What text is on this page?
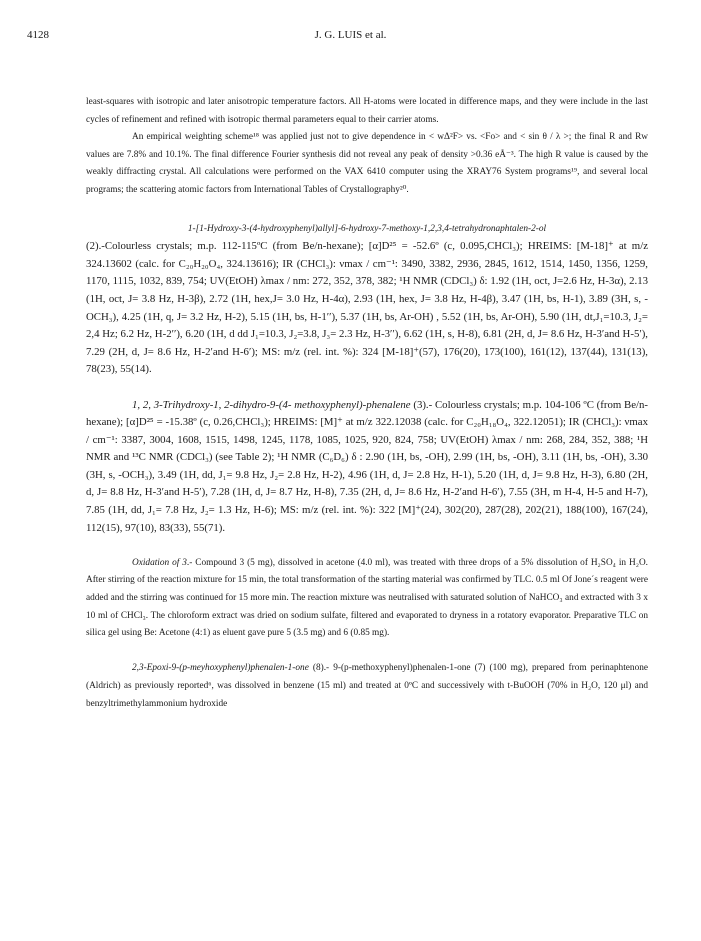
4128	J. G. LUIS et al.

least-squares with isotropic and later anisotropic temperature factors. All H-atoms were located in difference maps, and they were include in the last cycles of refinement and refined with isotropic thermal parameters equal to their carrier atoms.

An empirical weighting scheme¹⁸ was applied just not to give dependence in < wΔ²F> vs. <Fo> and < sin θ / λ >; the final R and Rw values are 7.8% and 10.1%. The final difference Fourier synthesis did not reveal any peak of density >0.36 eÅ⁻³. The high R value is caused by the weakly diffracting crystal. All calculations were performed on the VAX 6410 computer using the XRAY76 System programs¹⁹, and several local programs; the scattering atomic factors from International Tables of Crystallography²⁰.

1-[1-Hydroxy-3-(4-hydroxyphenyl)allyl]-6-hydroxy-7-methoxy-1,2,3,4-tetrahydronaphtalen-2-ol

(2).-Colourless crystals; m.p. 112-115ºC (from Be/n-hexane); [α]D²⁵ = -52.6º (c, 0.095,CHCl₃); HREIMS: [M-18]⁺ at m/z 324.13602 (calc. for C₂₀H₂₀O₄, 324.13616); IR (CHCl₃): νmax / cm⁻¹: 3490, 3382, 2936, 2845, 1612, 1514, 1450, 1356, 1259, 1170, 1115, 1032, 839, 754; UV(EtOH) λmax / nm: 272, 352, 378, 382; ¹H NMR (CDCl₃) δ: 1.92 (1H, oct, J=2.6 Hz, H-3α), 2.13 (1H, oct, J= 3.8 Hz, H-3β), 2.72 (1H, hex,J= 3.0 Hz, H-4α), 2.93 (1H, hex, J= 3.8 Hz, H-4β), 3.47 (1H, bs, H-1), 3.89 (3H, s, -OCH₃), 4.25 (1H, q, J= 3.2 Hz, H-2), 5.15 (1H, bs, H-1′′), 5.37 (1H, bs, Ar-OH) , 5.52 (1H, bs, Ar-OH), 5.90 (1H, dt,J₁=10.3, J₂= 2,4 Hz; 6.2 Hz, H-2′′), 6.20 (1H, d dd J₁=10.3, J₂=3.8, J₃= 2.3 Hz, H-3′′), 6.62 (1H, s, H-8), 6.81 (2H, d, J= 8.6 Hz, H-3′and H-5′), 7.29 (2H, d, J= 8.6 Hz, H-2′and H-6′); MS: m/z (rel. int. %): 324 [M-18]⁺(57), 176(20), 173(100), 161(12), 137(44), 131(13), 78(23), 55(14).

1, 2, 3-Trihydroxy-1, 2-dihydro-9-(4- methoxyphenyl)-phenalene (3).- Colourless crystals; m.p. 104-106 ºC (from Be/n-hexane); [α]D²⁵ = -15.38º (c, 0.26,CHCl₃); HREIMS: [M]⁺ at m/z 322.12038 (calc. for C₂₀H₁₈O₄, 322.12051); IR (CHCl₃): νmax / cm⁻¹: 3387, 3004, 1608, 1515, 1498, 1245, 1178, 1085, 1025, 920, 824, 758; UV(EtOH) λmax / nm: 268, 284, 352, 388; ¹H NMR and ¹³C NMR (CDCl₃) (see Table 2); ¹H NMR (C₆D₆) δ : 2.90 (1H, bs, -OH), 2.99 (1H, bs, -OH), 3.11 (1H, bs, -OH), 3.30 (3H, s, -OCH₃), 3.49 (1H, dd, J₁= 9.8 Hz, J₂= 2.8 Hz, H-2), 4.96 (1H, d, J= 2.8 Hz, H-1), 5.20 (1H, d, J= 9.8 Hz, H-3), 6.80 (2H, d, J= 8.8 Hz, H-3′and H-5′), 7.28 (1H, d, J= 8.7 Hz, H-8), 7.35 (2H, d, J= 8.6 Hz, H-2′and H-6′), 7.55 (3H, m H-4, H-5 and H-7), 7.85 (1H, dd, J₁= 7.8 Hz, J₂= 1.3 Hz, H-6); MS: m/z (rel. int. %): 322 [M]⁺(24), 302(20), 287(28), 202(21), 188(100), 167(24), 112(15), 97(10), 83(33), 55(71).

Oxidation of 3.- Compound 3 (5 mg), dissolved in acetone (4.0 ml), was treated with three drops of a 5% dissolution of H₂SO₄ in H₂O. After stirring of the reaction mixture for 15 min, the total transformation of the starting material was confirmed by TLC. 0.5 ml Of Jone´s reagent were added and the stirring was continued for 15 more min. The reaction mixture was neutralised with saturated solution of NaHCO₃ and extracted with 3 x 10 ml of CHCl₃. The chloroform extract was dried on sodium sulfate, filtered and evaporated to dryness in a rotatory evaporator. Preparative TLC on silica gel using Be: Acetone (4:1) as eluent gave pure 5 (3.5 mg) and 6 (0.85 mg).

2,3-Epoxi-9-(p-meyhoxyphenyl)phenalen-1-one (8).- 9-(p-methoxyphenyl)phenalen-1-one (7) (100 mg), prepared from perinaphtenone (Aldrich) as previously reported⁶, was dissolved in benzene (15 ml) and treated at 0ºC and successively with t-BuOOH (70% in H₂O, 120 μl) and benzyltrimethylammonium hydroxide
